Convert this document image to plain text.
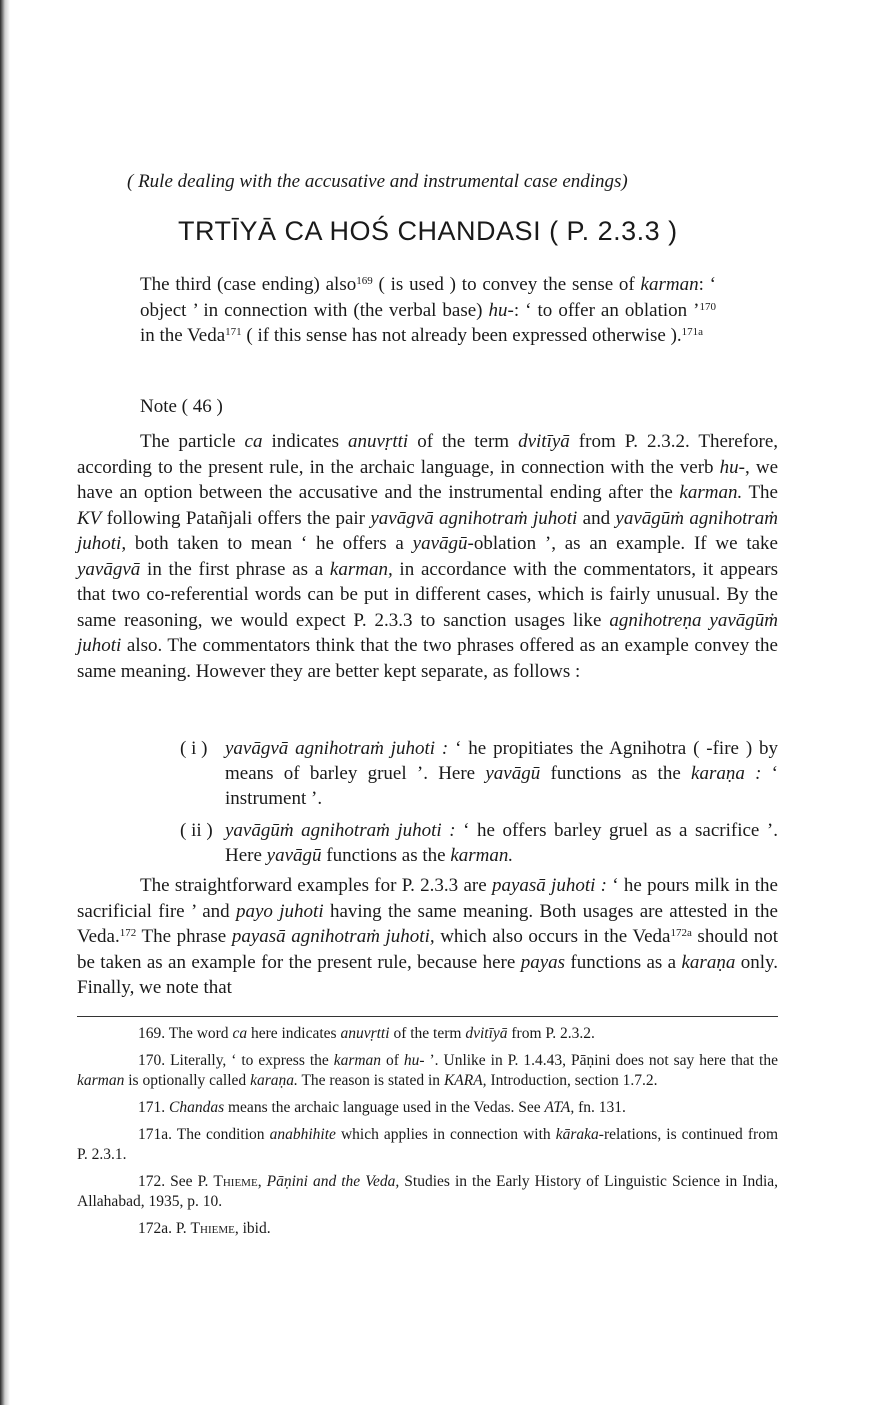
( Rule dealing with the accusative and instrumental case endings)
TRTĪYĀ CA HOŚ CHANDASI ( P. 2.3.3 )

The third (case ending) also$^{169}$ ( is used ) to convey the sense of karman: ‘ object ’ in connection with (the verbal base) hu-: ‘ to offer an oblation ’$^{170}$ in the Veda$^{171}$ ( if this sense has not already been expressed otherwise ).$^{171a}$

Note ( 46 )

The particle ca indicates anuvṛtti of the term dvitīyā from P. 2.3.2. Therefore, according to the present rule, in the archaic language, in connection with the verb hu-, we have an option between the accusative and the instrumental ending after the karman. The KV following Patañjali offers the pair yavāgvā agnihotraṁ juhoti and yavāgūṁ agnihotraṁ juhoti, both taken to mean ‘ he offers a yavāgū-oblation ’, as an example. If we take yavāgvā in the first phrase as a karman, in accordance with the commentators, it appears that two co-referential words can be put in different cases, which is fairly unusual. By the same reasoning, we would expect P. 2.3.3 to sanction usages like agnihotreṇa yavāgūṁ juhoti also. The commentators think that the two phrases offered as an example convey the same meaning. However they are better kept separate, as follows :

( i ) yavāgvā agnihotraṁ juhoti : ‘ he propitiates the Agnihotra ( -fire ) by means of barley gruel ’. Here yavāgū functions as the karaṇa : ‘ instrument ’.
( ii ) yavāgūṁ agnihotraṁ juhoti : ‘ he offers barley gruel as a sacrifice ’. Here yavāgū functions as the karman.

The straightforward examples for P. 2.3.3 are payasā juhoti : ‘ he pours milk in the sacrificial fire ’ and payo juhoti having the same meaning. Both usages are attested in the Veda.$^{172}$ The phrase payasā agnihotraṁ juhoti, which also occurs in the Veda$^{172a}$ should not be taken as an example for the present rule, because here payas functions as a karaṇa only. Finally, we note that

169. The word ca here indicates anuvṛtti of the term dvitīyā from P. 2.3.2.

170. Literally, ‘ to express the karman of hu- ’. Unlike in P. 1.4.43, Pāṇini does not say here that the karman is optionally called karaṇa. The reason is stated in KARA, Introduction, section 1.7.2.

171. Chandas means the archaic language used in the Vedas. See ATA, fn. 131.

171a. The condition anabhihite which applies in connection with kāraka-relations, is continued from P. 2.3.1.

172. See P. Thieme, Pāṇini and the Veda, Studies in the Early History of Linguistic Science in India, Allahabad, 1935, p. 10.

172a. P. Thieme, ibid.
